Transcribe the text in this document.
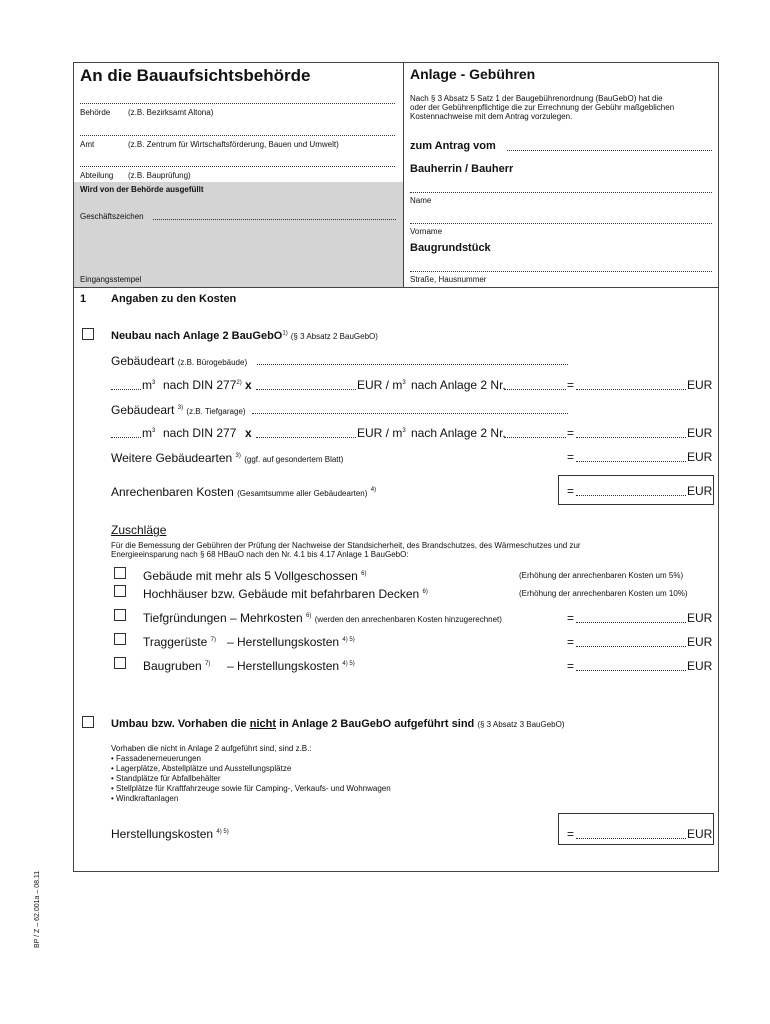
An die Bauaufsichtsbehörde
Behörde (z.B. Bezirksamt Altona)
Amt	(z.B. Zentrum für Wirtschaftsförderung, Bauen und Umwelt)
Abteilung (z.B. Bauprüfung)
Wird von der Behörde ausgefüllt
Geschäftszeichen
Eingangsstempel
Anlage - Gebühren
Nach § 3 Absatz 5 Satz 1 der Baugebührenordnung (BauGebO) hat die
oder der Gebührenpflichtige die zur Errechnung der Gebühr maßgeblichen
Kostennachweise mit dem Antrag vorzulegen.
zum Antrag vom
Bauherrin / Bauherr
Name
Vorname
Baugrundstück
Straße, Hausnummer
1 Angaben zu den Kosten
Neubau nach Anlage 2 BauGebO$^{1)}$ (§ 3 Absatz 2 BauGebO)
Gebäudeart (z.B. Bürogebäude)
$m^3$ nach DIN 277$^{2)}$ x	EUR / $m^3$ nach Anlage 2 Nr.	=	EUR
Gebäudeart $^{3)}$ (z.B. Tiefgarage)
$m^3$ nach DIN 277 x	EUR / $m^3$ nach Anlage 2 Nr.	=	EUR
Weitere Gebäudearten $^{3)}$ (ggf. auf gesondertem Blatt)	=	EUR
Anrechenbaren Kosten (Gesamtsumme aller Gebäudearten) $^{4)}$	=	EUR
Zuschläge
Für die Bemessung der Gebühren der Prüfung der Nachweise der Standsicherheit, des Brandschutzes, des Wärmeschutzes und zur
Energieeinsparung nach § 68 HBauO nach den Nr. 4.1 bis 4.17 Anlage 1 BauGebO:
Gebäude mit mehr als 5 Vollgeschossen $^{6)}$	(Erhöhung der anrechenbaren Kosten um 5%)
Hochhäuser bzw. Gebäude mit befahrbaren Decken $^{6)}$	(Erhöhung der anrechenbaren Kosten um 10%)
Tiefgründungen – Mehrkosten $^{6)}$ (werden den anrechenbaren Kosten hinzugerechnet)	=	EUR
Traggerüste $^{7)}$ – Herstellungskosten $^{4) 5)}$	=	EUR
Baugruben $^{7)}$ – Herstellungskosten $^{4) 5)}$	=	EUR
Umbau bzw. Vorhaben die nicht in Anlage 2 BauGebO aufgeführt sind (§ 3 Absatz 3 BauGebO)
Vorhaben die nicht in Anlage 2 aufgeführt sind, sind z.B.:
• Fassadenerneuerungen
• Lagerplätze, Abstellplätze und Ausstellungsplätze
• Standplätze für Abfallbehälter
• Stellplätze für Kraftfahrzeuge sowie für Camping-, Verkaufs- und Wohnwagen
• Windkraftanlagen
Herstellungskosten $^{4) 5)}$	=	EUR
BP / Z – 62.001a – 08.11
